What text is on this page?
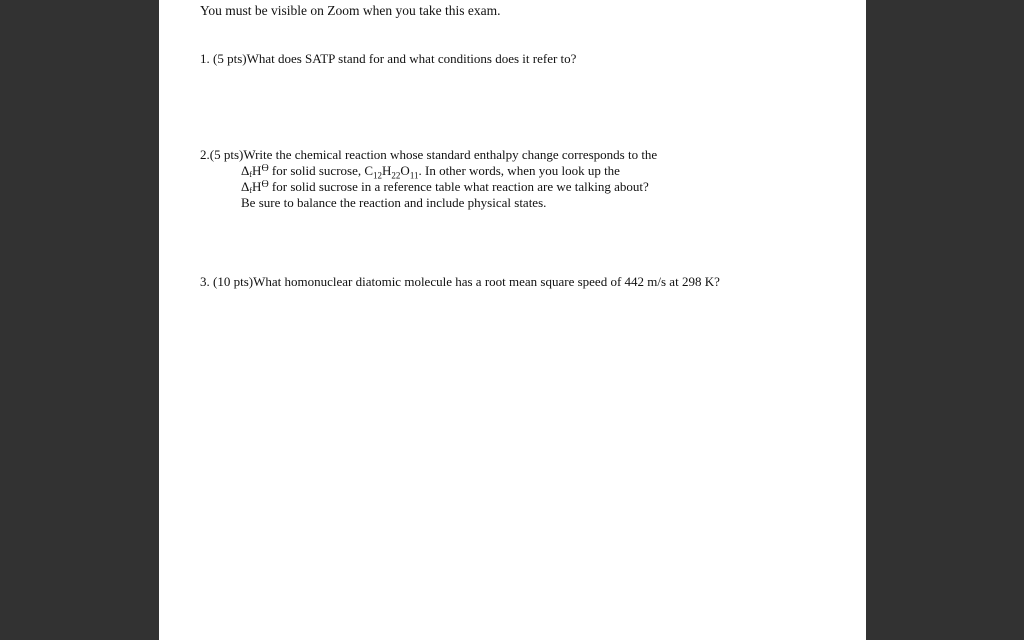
You must be visible on Zoom when you take this exam.
1. (5 pts)What does SATP stand for and what conditions does it refer to?
2.(5 pts)Write the chemical reaction whose standard enthalpy change corresponds to the
$\Delta_fH^ϴ$ for solid sucrose, $C_{12}H_{22}O_{11}$. In other words, when you look up the
$\Delta_fH^ϴ$ for solid sucrose in a reference table what reaction are we talking about?
Be sure to balance the reaction and include physical states.
3. (10 pts)What homonuclear diatomic molecule has a root mean square speed of 442 m/s at 298 K?
